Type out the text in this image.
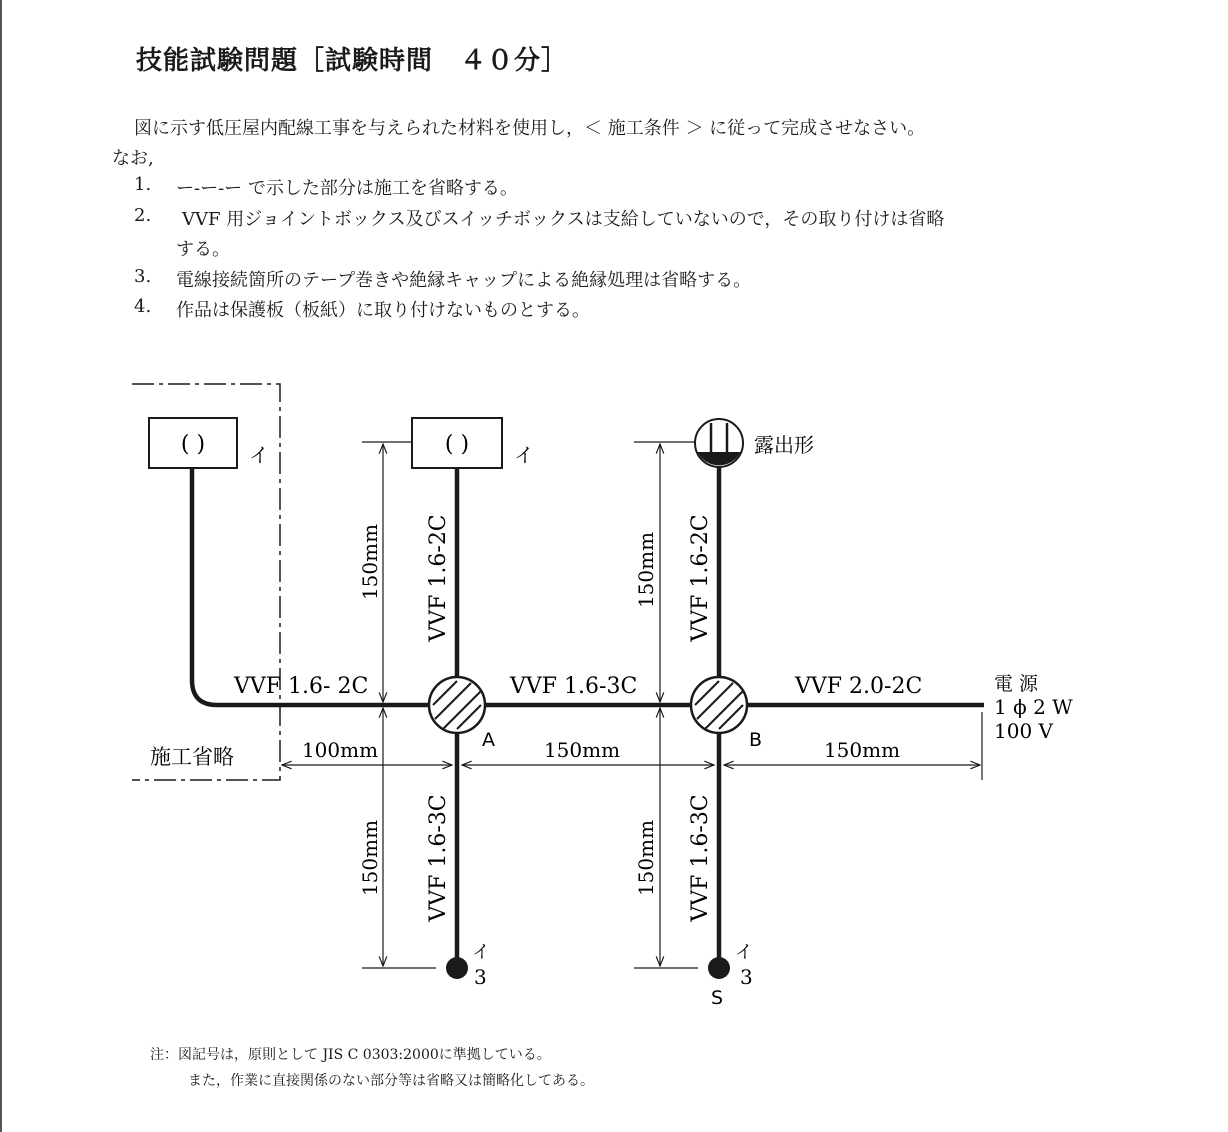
技能試験問題［試験時間　４０分］
図に示す低圧屋内配線工事を与えられた材料を使用し，＜ 施工条件 ＞ に従って完成させなさい。
なお,
1. ー‐ー‐ー で示した部分は施工を省略する。
2. VVF 用ジョイントボックス及びスイッチボックスは支給していないので，その取り付けは省略
する。
3. 電線接続箇所のテープ巻きや絶縁キャップによる絶縁処理は省略する。
4. 作品は保護板（板紙）に取り付けないものとする。
施工省略
( ) イ	( ) イ	露出形
A	B
イ
3
イ
3
S
VVF 1.6- 2C	VVF 1.6-3C	VVF 2.0-2C
VVF 1.6-2C	VVF 1.6-2C
VVF 1.6-3C	VVF 1.6-3C
100mm	150mm	150mm
150mm	150mm
150mm	150mm
電 源
1 ϕ 2 W
100 V
注：図記号は，原則として JIS C 0303:2000に準拠している。
また，作業に直接関係のない部分等は省略又は簡略化してある。
